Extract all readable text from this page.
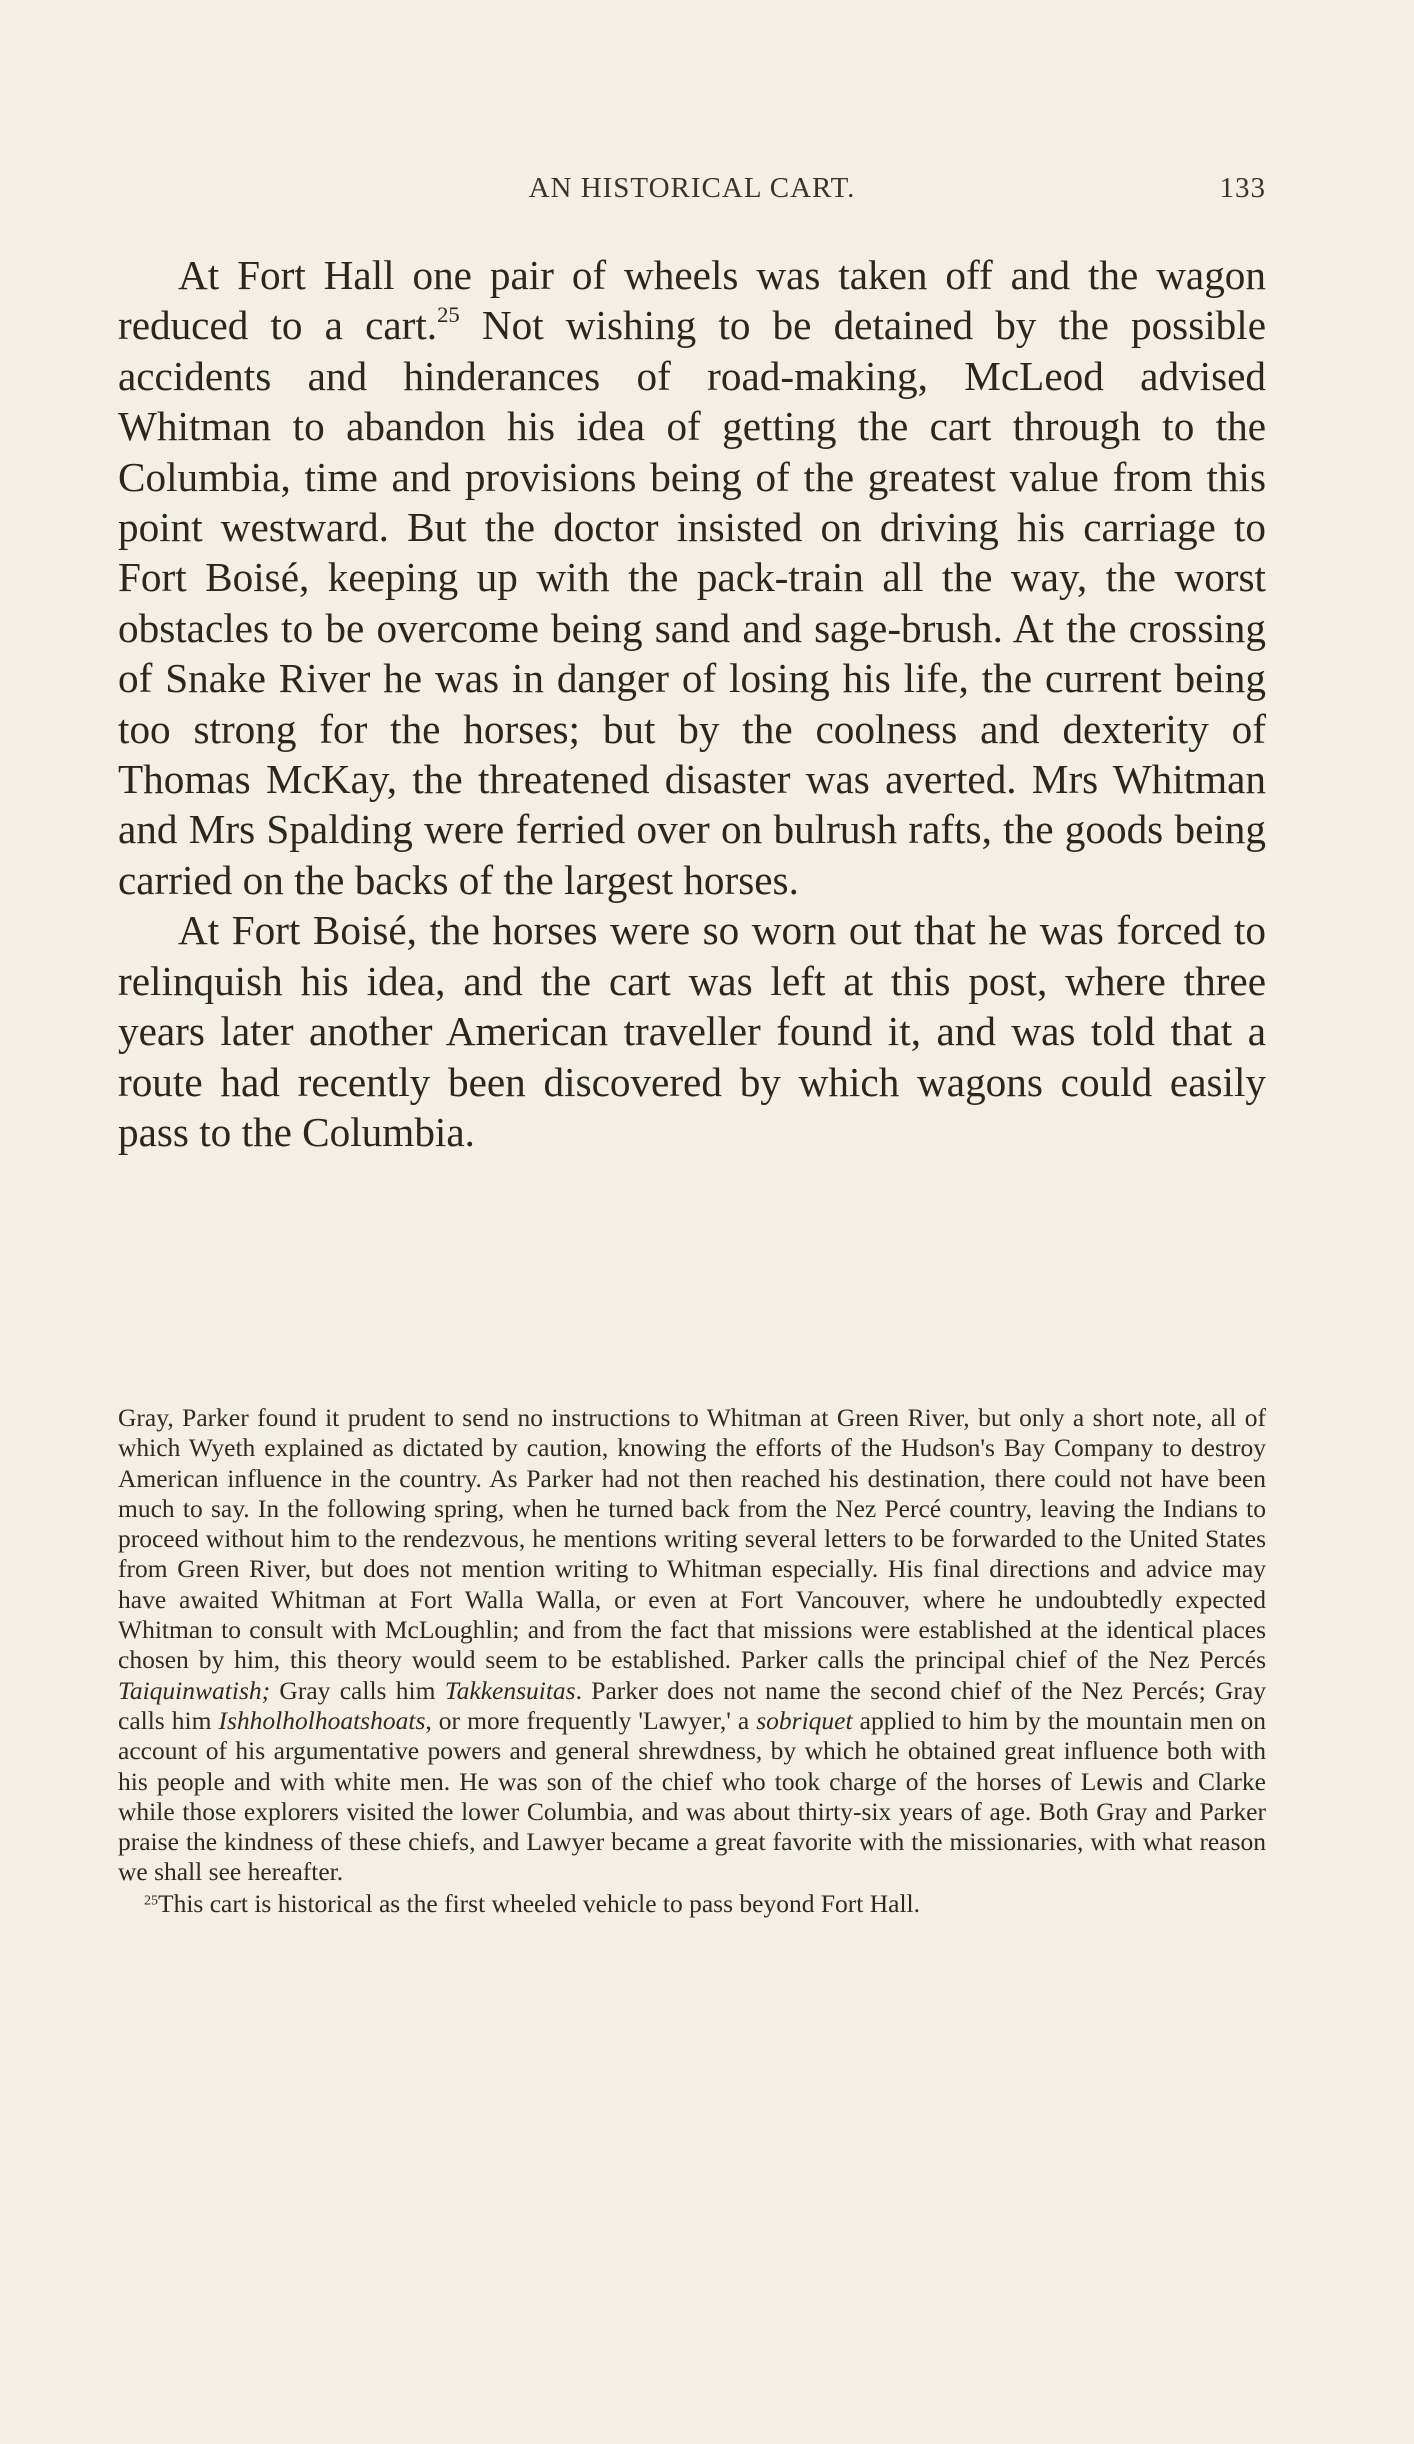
AN HISTORICAL CART.	133

At Fort Hall one pair of wheels was taken off and the wagon reduced to a cart.$^{25}$ Not wishing to be detained by the possible accidents and hinderances of road-making, McLeod advised Whitman to abandon his idea of getting the cart through to the Columbia, time and provisions being of the greatest value from this point westward. But the doctor insisted on driving his carriage to Fort Boisé, keeping up with the pack-train all the way, the worst obstacles to be overcome being sand and sage-brush. At the crossing of Snake River he was in danger of losing his life, the current being too strong for the horses; but by the coolness and dexterity of Thomas McKay, the threatened disaster was averted. Mrs Whitman and Mrs Spalding were ferried over on bulrush rafts, the goods being carried on the backs of the largest horses.

At Fort Boisé, the horses were so worn out that he was forced to relinquish his idea, and the cart was left at this post, where three years later another American traveller found it, and was told that a route had recently been discovered by which wagons could easily pass to the Columbia.

Gray, Parker found it prudent to send no instructions to Whitman at Green River, but only a short note, all of which Wyeth explained as dictated by caution, knowing the efforts of the Hudson's Bay Company to destroy American influence in the country. As Parker had not then reached his destination, there could not have been much to say. In the following spring, when he turned back from the Nez Percé country, leaving the Indians to proceed without him to the rendezvous, he mentions writing several letters to be forwarded to the United States from Green River, but does not mention writing to Whitman especially. His final directions and advice may have awaited Whitman at Fort Walla Walla, or even at Fort Vancouver, where he undoubtedly expected Whitman to consult with McLoughlin; and from the fact that missions were established at the identical places chosen by him, this theory would seem to be established. Parker calls the principal chief of the Nez Percés Taiquinwatish; Gray calls him Takkensuitas. Parker does not name the second chief of the Nez Percés; Gray calls him Ishholholhoatshoats, or more frequently 'Lawyer,' a sobriquet applied to him by the mountain men on account of his argumentative powers and general shrewdness, by which he obtained great influence both with his people and with white men. He was son of the chief who took charge of the horses of Lewis and Clarke while those explorers visited the lower Columbia, and was about thirty-six years of age. Both Gray and Parker praise the kindness of these chiefs, and Lawyer became a great favorite with the missionaries, with what reason we shall see hereafter.

$^{25}$This cart is historical as the first wheeled vehicle to pass beyond Fort Hall.
